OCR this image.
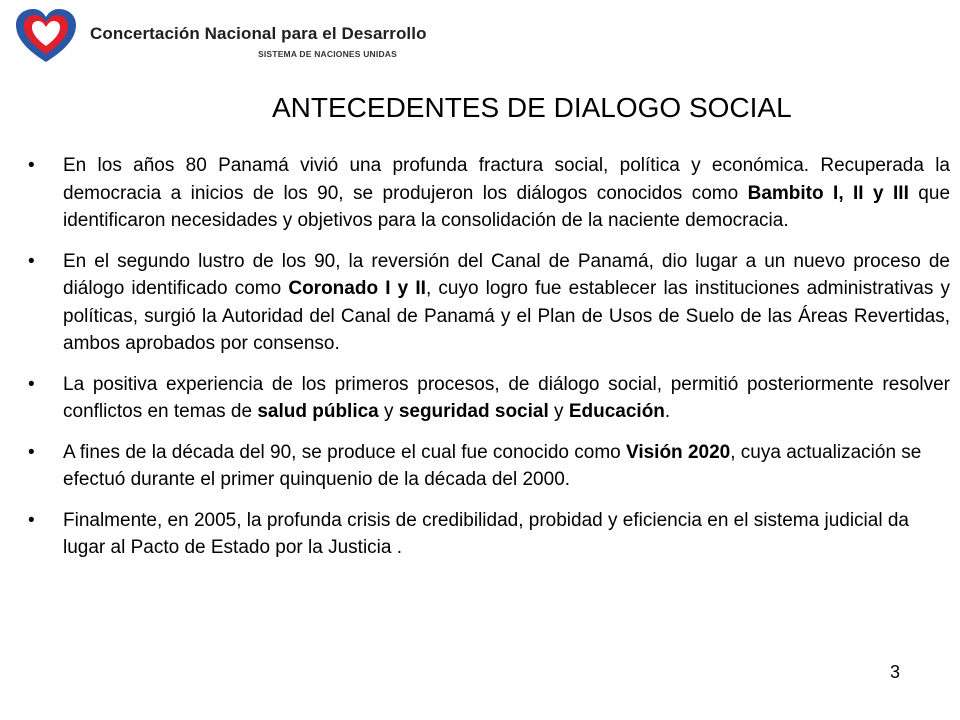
Concertación Nacional para el Desarrollo
SISTEMA DE NACIONES UNIDAS
ANTECEDENTES DE DIALOGO SOCIAL
• En los años 80 Panamá vivió una profunda fractura social, política y económica. Recuperada la democracia a inicios de los 90, se produjeron los diálogos conocidos como Bambito I, II y III que identificaron necesidades y objetivos para la consolidación de la naciente democracia.
• En el segundo lustro de los 90, la reversión del Canal de Panamá, dio lugar a un nuevo proceso de diálogo identificado como Coronado I y II, cuyo logro fue establecer las instituciones administrativas y políticas, surgió la Autoridad del Canal de Panamá y el Plan de Usos de Suelo de las Áreas Revertidas, ambos aprobados por consenso.
• La positiva experiencia de los primeros procesos, de diálogo social, permitió posteriormente resolver conflictos en temas de salud pública y seguridad social y Educación.
• A fines de la década del 90, se produce el cual fue conocido como Visión 2020, cuya actualización se efectuó durante el primer quinquenio de la década del 2000.
• Finalmente, en 2005, la profunda crisis de credibilidad, probidad y eficiencia en el sistema judicial da lugar al Pacto de Estado por la Justicia .
3
